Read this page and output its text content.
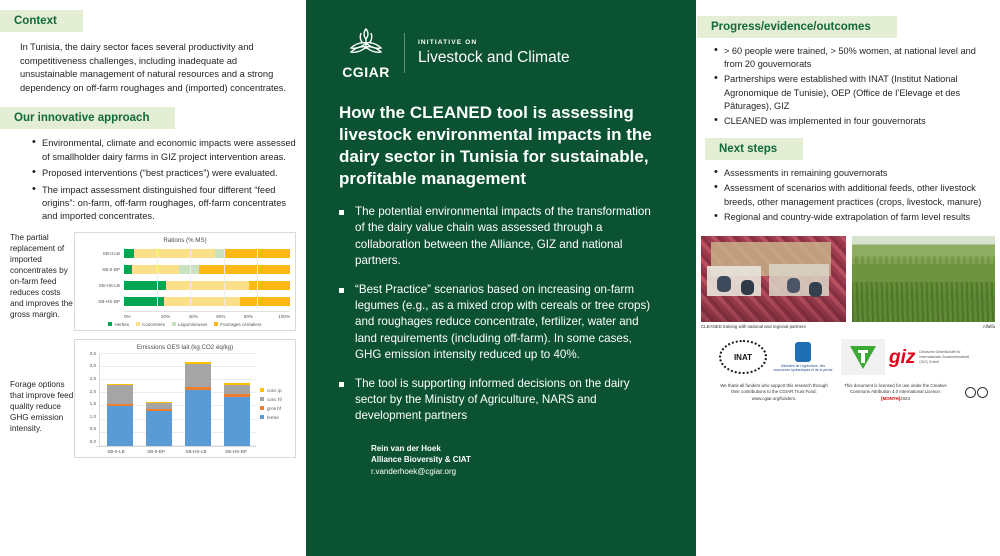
Context

In Tunisia, the dairy sector faces several productivity and competitiveness challenges, including inadequate ad unsustainable management of natural resources and a strong dependency on off-farm roughages and (imported) concentrates.

Our innovative approach
• Environmental, climate and economic impacts were assessed of smallholder dairy farms in GIZ project intervention areas.
• Proposed interventions (“best practices”) were evaluated.
• The impact assessment distinguished four different “feed origins”: on-farm, off-farm roughages, off-farm concentrates and imported concentrates.
The partial replacement of imported concentrates by on-farm feed reduces costs and improves the gross margin.
Rations (% MS)
SB-II-LB
SB-II-BP
SB-HS-LB
SB-HS-BP
0%	20%	40%	60%	80%	100%
Herbes	Concentrés	Légumineuses	Fourrages céréaliers
Forage options that improve feed quality reduce GHG emission intensity.
Emissions GES lait (kg CO2 éq/kg)
3,5
3,0
2,5
2,0
1,5
1,0
0,5
0,0
SB-II-LB	SB-II-BP	SB-HS-LB	SB-HS-BP
conc ip
conc hf
gros hf
ferme
CGIAR
INITIATIVE ON
Livestock and Climate
How the CLEANED tool is assessing livestock environmental impacts in the dairy sector in Tunisia for sustainable, profitable management
The potential environmental impacts of the transformation of the dairy value chain was assessed through a collaboration between the Alliance, GIZ and national partners.
“Best Practice” scenarios based on increasing on-farm legumes (e.g., as a mixed crop with cereals or tree crops) and roughages reduce concentrate, fertilizer, water and land requirements (including off-farm). In some cases, GHG emission intensity reduced up to 40%.
The tool is supporting informed decisions on the dairy sector by the Ministry of Agriculture, NARS and development partners
Rein van der Hoek
Alliance Bioversity & CIAT
r.vanderhoek@cgiar.org
Progress/evidence/outcomes
• > 60 people were trained, > 50% women, at national level and from 20 gouvernorats
• Partnerships were established with INAT (Institut National Agronomique de Tunisie), OEP (Office de l’Elevage et des Pâturages), GIZ
• CLEANED was implemented in four gouvernorats
Next steps
• Assessments in remaining gouvernorats
• Assessment of scenarios with additional feeds, other livestock breeds, other management practices (crops, livestock, manure)
• Regional and country-wide extrapolation of farm level results
CLEANED training with national and regional partners	Alfalfa
INAT
Ministère de l’agriculture, des ressources hydrauliques et de la pêche
giz Deutsche Gesellschaft für Internationale Zusammenarbeit (GIZ) GmbH
We thank all funders who support this research through their contributions to the CGIAR Trust Fund: www.cgiar.org/funders.
This document is licensed for use under the Creative Commons Attribution 4.0 International Licence. [MONTH]2023
